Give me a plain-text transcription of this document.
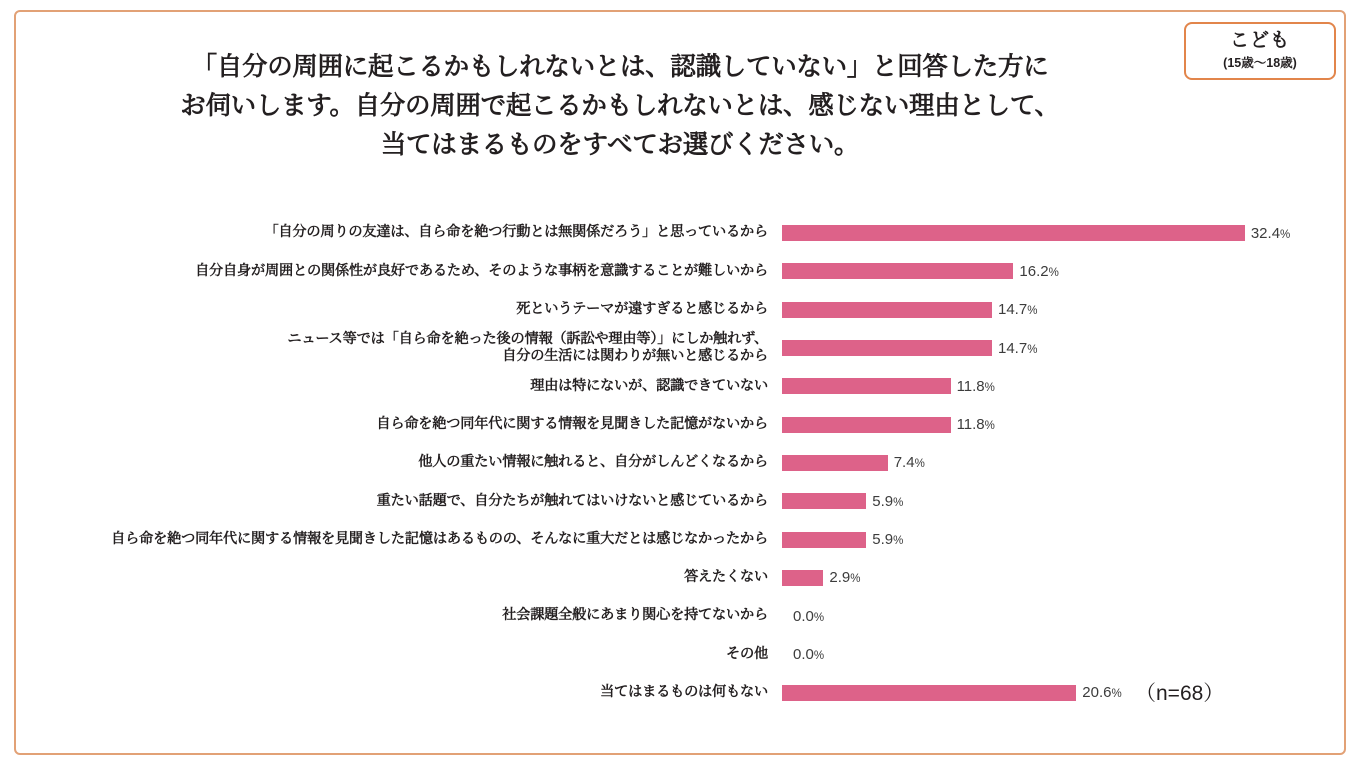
こども
(15歳〜18歳)
「自分の周囲に起こるかもしれないとは、認識していない」と回答した方に
お伺いします。自分の周囲で起こるかもしれないとは、感じない理由として、
当てはまるものをすべてお選びください。
「自分の周りの友達は、自ら命を絶つ行動とは無関係だろう」と思っているから	32.4%
自分自身が周囲との関係性が良好であるため、そのような事柄を意識することが難しいから	16.2%
死というテーマが遠すぎると感じるから	14.7%
ニュース等では「自ら命を絶った後の情報（訴訟や理由等）」にしか触れず、
自分の生活には関わりが無いと感じるから	14.7%
理由は特にないが、認識できていない	11.8%
自ら命を絶つ同年代に関する情報を見聞きした記憶がないから	11.8%
他人の重たい情報に触れると、自分がしんどくなるから	7.4%
重たい話題で、自分たちが触れてはいけないと感じているから	5.9%
自ら命を絶つ同年代に関する情報を見聞きした記憶はあるものの、そんなに重大だとは感じなかったから	5.9%
答えたくない	2.9%
社会課題全般にあまり関心を持てないから	0.0%
その他	0.0%
当てはまるものは何もない	20.6% （n=68）
